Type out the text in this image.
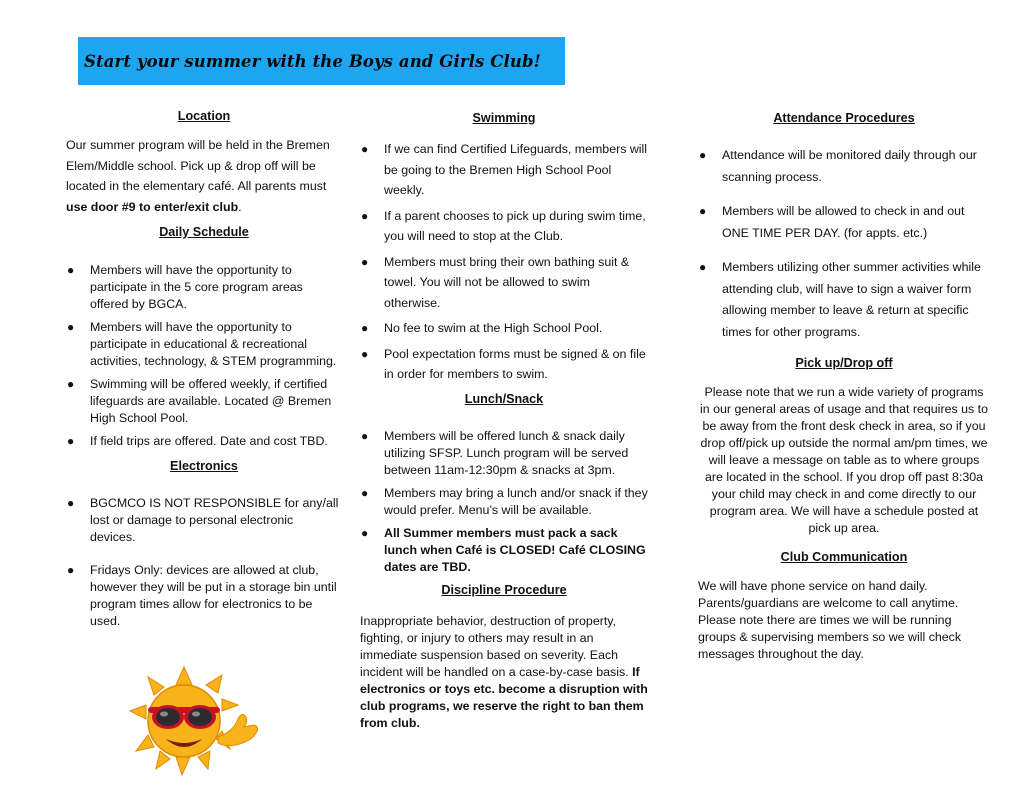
Start your summer with the Boys and Girls Club!
Location

Our summer program will be held in the Bremen Elem/Middle school. Pick up & drop off will be located in the elementary café. All parents must use door #9 to enter/exit club.

Daily Schedule
● Members will have the opportunity to participate in the 5 core program areas offered by BGCA.
● Members will have the opportunity to participate in educational & recreational activities, technology, & STEM programming.
● Swimming will be offered weekly, if certified lifeguards are available. Located @ Bremen High School Pool.
● If field trips are offered. Date and cost TBD.
Electronics
● BGCMCO IS NOT RESPONSIBLE for any/all lost or damage to personal electronic devices.
● Fridays Only: devices are allowed at club, however they will be put in a storage bin until program times allow for electronics to be used.
Swimming
● If we can find Certified Lifeguards, members will be going to the Bremen High School Pool weekly.
● If a parent chooses to pick up during swim time, you will need to stop at the Club.
● Members must bring their own bathing suit & towel. You will not be allowed to swim otherwise.
● No fee to swim at the High School Pool.
● Pool expectation forms must be signed & on file in order for members to swim.
Lunch/Snack
● Members will be offered lunch & snack daily utilizing SFSP. Lunch program will be served between 11am-12:30pm & snacks at 3pm.
● Members may bring a lunch and/or snack if they would prefer. Menu’s will be available.
● All Summer members must pack a sack lunch when Café is CLOSED! Café CLOSING dates are TBD.
Discipline Procedure

Inappropriate behavior, destruction of property, fighting, or injury to others may result in an immediate suspension based on severity. Each incident will be handled on a case-by-case basis. If electronics or toys etc. become a disruption with club programs, we reserve the right to ban them from club.

Attendance Procedures
● Attendance will be monitored daily through our scanning process.
● Members will be allowed to check in and out ONE TIME PER DAY. (for appts. etc.)
● Members utilizing other summer activities while attending club, will have to sign a waiver form allowing member to leave & return at specific times for other programs.
Pick up/Drop off

Please note that we run a wide variety of programs in our general areas of usage and that requires us to be away from the front desk check in area, so if you drop off/pick up outside the normal am/pm times, we will leave a message on table as to where groups are located in the school. If you drop off past 8:30a your child may check in and come directly to our program area. We will have a schedule posted at pick up area.

Club Communication

We will have phone service on hand daily. Parents/guardians are welcome to call anytime. Please note there are times we will be running groups & supervising members so we will check messages throughout the day.
